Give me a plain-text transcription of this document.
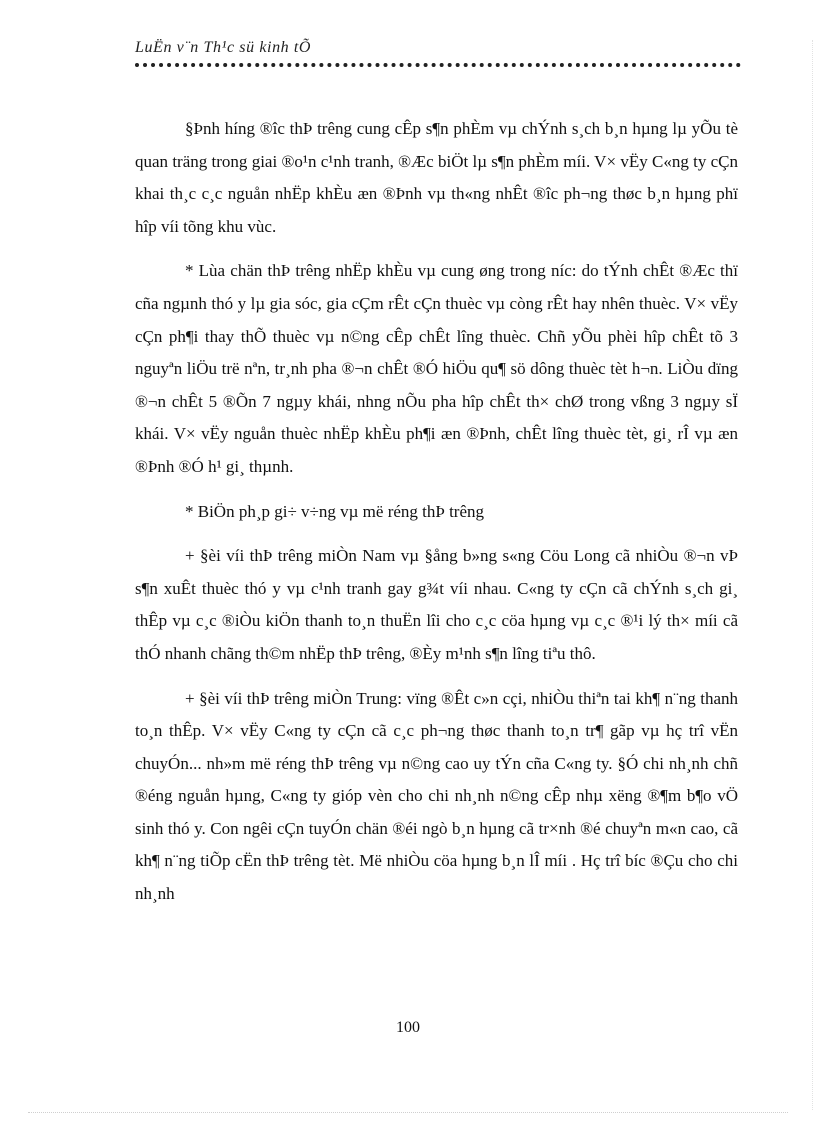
LuËn v¨n Th¹c sü kinh tÕ

§Þnh híng ®îc thÞ trêng cung cÊp s¶n phÈm vµ chÝnh s¸ch b¸n hµng lµ yÕu tè quan träng trong giai ®o¹n c¹nh tranh, ®Æc biÖt lµ s¶n phÈm míi. V× vËy C«ng ty cÇn khai th¸c c¸c nguån nhËp khÈu æn ®Þnh vµ th«ng nhÊt ®îc ph¬ng thøc b¸n hµng phï hîp víi tõng khu vùc.

* Lùa chän thÞ trêng nhËp khÈu vµ cung øng trong níc: do tÝnh chÊt ®Æc thï cña ngµnh thó y lµ gia sóc, gia cÇm rÊt cÇn thuèc vµ còng rÊt hay nhên thuèc. V× vËy cÇn ph¶i thay thÕ thuèc vµ n©ng cÊp chÊt lîng thuèc. Chñ yÕu phèi hîp chÊt tõ 3 nguyªn liÖu trë nªn, tr¸nh pha ®¬n chÊt ®Ó hiÖu qu¶ sö dông thuèc tèt h¬n. LiÒu dïng ®¬n chÊt 5 ®Õn 7 ngµy khái, nhng nÕu pha hîp chÊt th× chØ trong vßng 3 ngµy sÏ khái. V× vËy nguån thuèc nhËp khÈu ph¶i æn ®Þnh, chÊt lîng thuèc tèt, gi¸ rÎ vµ æn ®Þnh ®Ó h¹ gi¸ thµnh.

* BiÖn ph¸p gi÷ v÷ng vµ më réng thÞ trêng

+ §èi víi thÞ trêng miÒn Nam vµ §ång b»ng s«ng Cöu Long cã nhiÒu ®¬n vÞ s¶n xuÊt thuèc thó y vµ c¹nh tranh gay g¾t víi nhau. C«ng ty cÇn cã chÝnh s¸ch gi¸ thÊp vµ c¸c ®iÒu kiÖn thanh to¸n thuËn lîi cho c¸c cöa hµng vµ c¸c ®¹i lý th× míi cã thÓ nhanh chãng th©m nhËp thÞ trêng, ®Èy m¹nh s¶n lîng tiªu thô.

+ §èi víi thÞ trêng miÒn Trung: vïng ®Êt c»n cçi, nhiÒu thiªn tai kh¶ n¨ng thanh to¸n thÊp. V× vËy C«ng ty cÇn cã c¸c ph¬ng thøc thanh to¸n tr¶ gãp vµ hç trî vËn chuyÓn... nh»m më réng thÞ trêng vµ n©ng cao uy tÝn cña C«ng ty. §Ó chi nh¸nh chñ ®éng nguån hµng, C«ng ty gióp vèn cho chi nh¸nh n©ng cÊp nhµ xëng ®¶m b¶o vÖ sinh thó y. Con ngêi cÇn tuyÓn chän ®éi ngò b¸n hµng cã tr×nh ®é chuyªn m«n cao, cã kh¶ n¨ng tiÕp cËn thÞ trêng tèt. Më nhiÒu cöa hµng b¸n lÎ míi . Hç trî bíc ®Çu cho chi nh¸nh

100
